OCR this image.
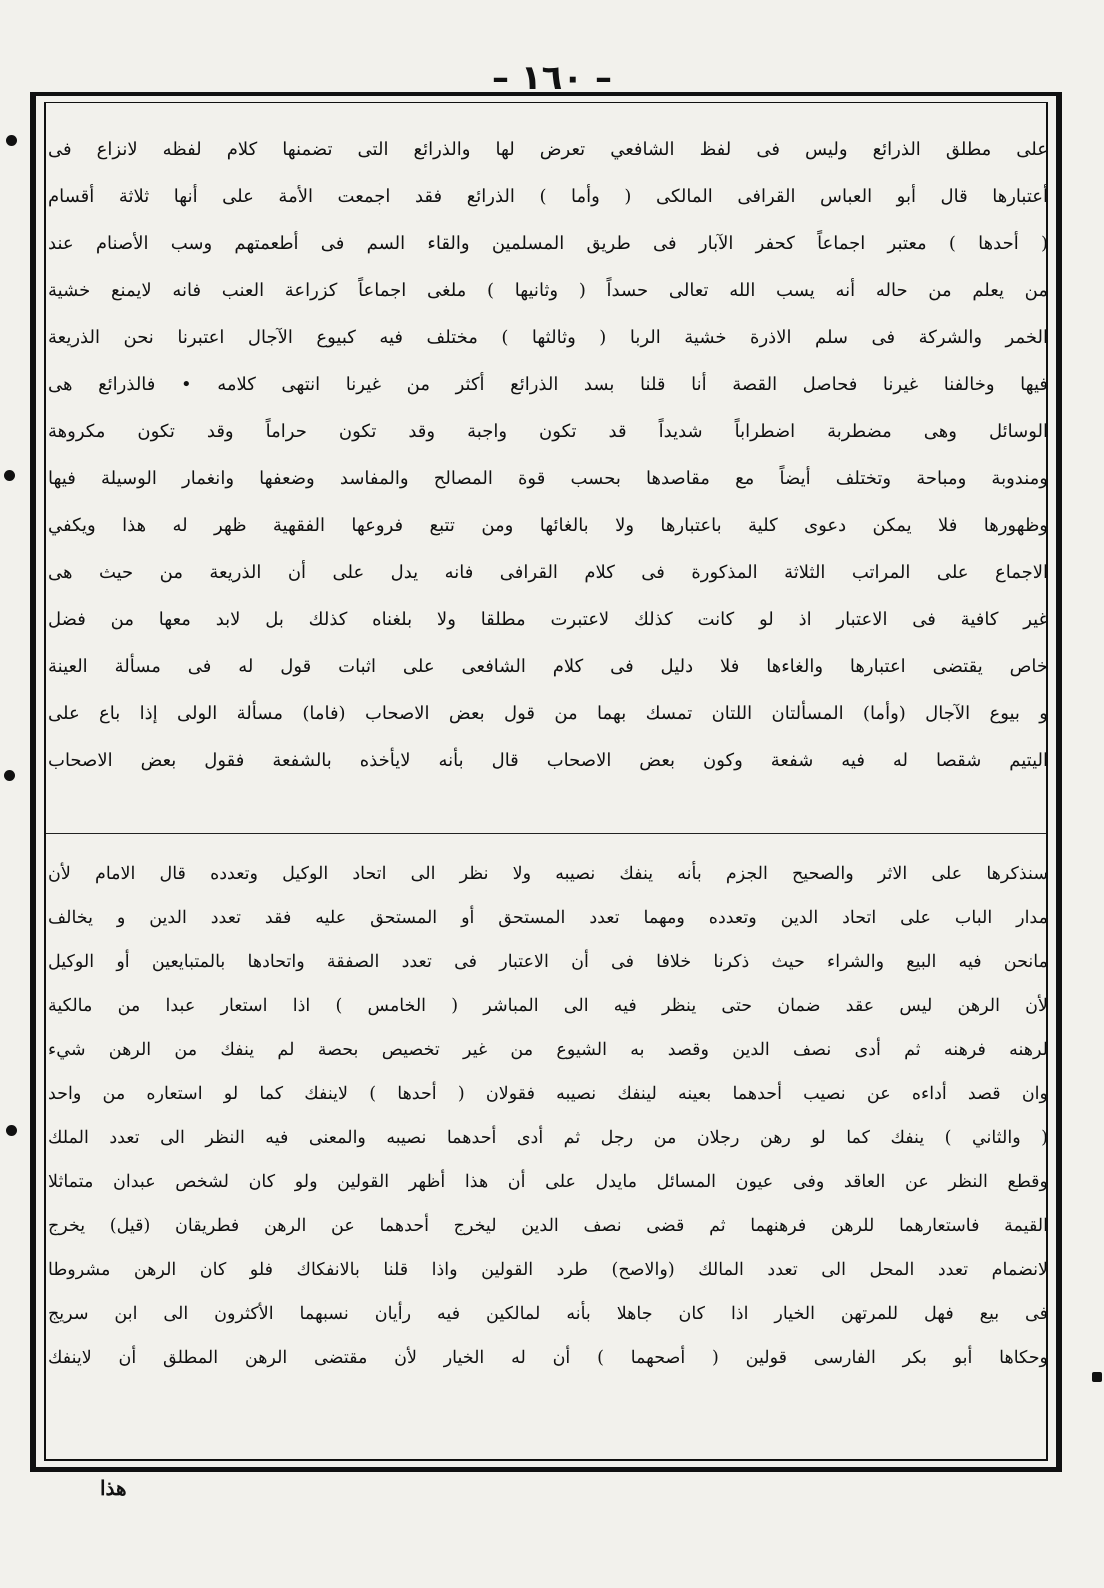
– ١٦٠ –
على مطلق الذرائع وليس فى لفظ الشافعي تعرض لها والذرائع التى تضمنها كلام لفظه لانزاع فى
أعتبارها قال أبو العباس القرافى المالكى ( وأما ) الذرائع فقد اجمعت الأمة على أنها ثلاثة أقسام
( أحدها ) معتبر اجماعاً كحفر الآبار فى طريق المسلمين والقاء السم فى أطعمتهم وسب الأصنام عند
من يعلم من حاله أنه يسب الله تعالى حسداً ( وثانيها ) ملغى اجماعاً كزراعة العنب فانه لايمنع خشية
الخمر والشركة فى سلم الاذرة خشية الربا ( وثالثها ) مختلف فيه كبيوع الآجال اعتبرنا نحن الذريعة
فيها وخالفنا غيرنا فحاصل القصة أنا قلنا بسد الذرائع أكثر من غيرنا انتهى كلامه • فالذرائع هى
الوسائل وهى مضطربة اضطراباً شديداً قد تكون واجبة وقد تكون حراماً وقد تكون مكروهة
ومندوبة ومباحة وتختلف أيضاً مع مقاصدها بحسب قوة المصالح والمفاسد وضعفها وانغمار الوسيلة فيها
وظهورها فلا يمكن دعوى كلية باعتبارها ولا بالغائها ومن تتبع فروعها الفقهية ظهر له هذا ويكفي
الاجماع على المراتب الثلاثة المذكورة فى كلام القرافى فانه يدل على أن الذريعة من حيث هى
غير كافية فى الاعتبار اذ لو كانت كذلك لاعتبرت مطلقا ولا بلغناه كذلك بل لابد معها من فضل
خاص يقتضى اعتبارها والغاءها فلا دليل فى كلام الشافعى على اثبات قول له فى مسألة العينة
و بيوع الآجال (وأما) المسألتان اللتان تمسك بهما من قول بعض الاصحاب (فاما) مسألة الولى إذا باع على
اليتيم شقصا له فيه شفعة وكون بعض الاصحاب قال بأنه لايأخذه بالشفعة فقول بعض الاصحاب
سنذكرها على الاثر والصحيح الجزم بأنه ينفك نصيبه ولا نظر الى اتحاد الوكيل وتعدده قال الامام لأن
مدار الباب على اتحاد الدين وتعدده ومهما تعدد المستحق أو المستحق عليه فقد تعدد الدين و يخالف
مانحن فيه البيع والشراء حيث ذكرنا خلافا فى أن الاعتبار فى تعدد الصفقة واتحادها بالمتبايعين أو الوكيل
لأن الرهن ليس عقد ضمان حتى ينظر فيه الى المباشر ( الخامس ) اذا استعار عبدا من مالكية
لرهنه فرهنه ثم أدى نصف الدين وقصد به الشيوع من غير تخصيص بحصة لم ينفك من الرهن شيء
وان قصد أداءه عن نصيب أحدهما بعينه لينفك نصيبه فقولان ( أحدها ) لاينفك كما لو استعاره من واحد
( والثاني ) ينفك كما لو رهن رجلان من رجل ثم أدى أحدهما نصيبه والمعنى فيه النظر الى تعدد الملك
وقطع النظر عن العاقد وفى عيون المسائل مايدل على أن هذا أظهر القولين ولو كان لشخص عبدان متماثلا
القيمة فاستعارهما للرهن فرهنهما ثم قضى نصف الدين ليخرج أحدهما عن الرهن فطريقان (قيل) يخرج
لانضمام تعدد المحل الى تعدد المالك (والاصح) طرد القولين واذا قلنا بالانفكاك فلو كان الرهن مشروطا
فى بيع فهل للمرتهن الخيار اذا كان جاهلا بأنه لمالكين فيه رأيان نسبهما الأكثرون الى ابن سريج
وحكاها أبو بكر الفارسى قولين ( أصحهما ) أن له الخيار لأن مقتضى الرهن المطلق أن لاينفك
هذا
